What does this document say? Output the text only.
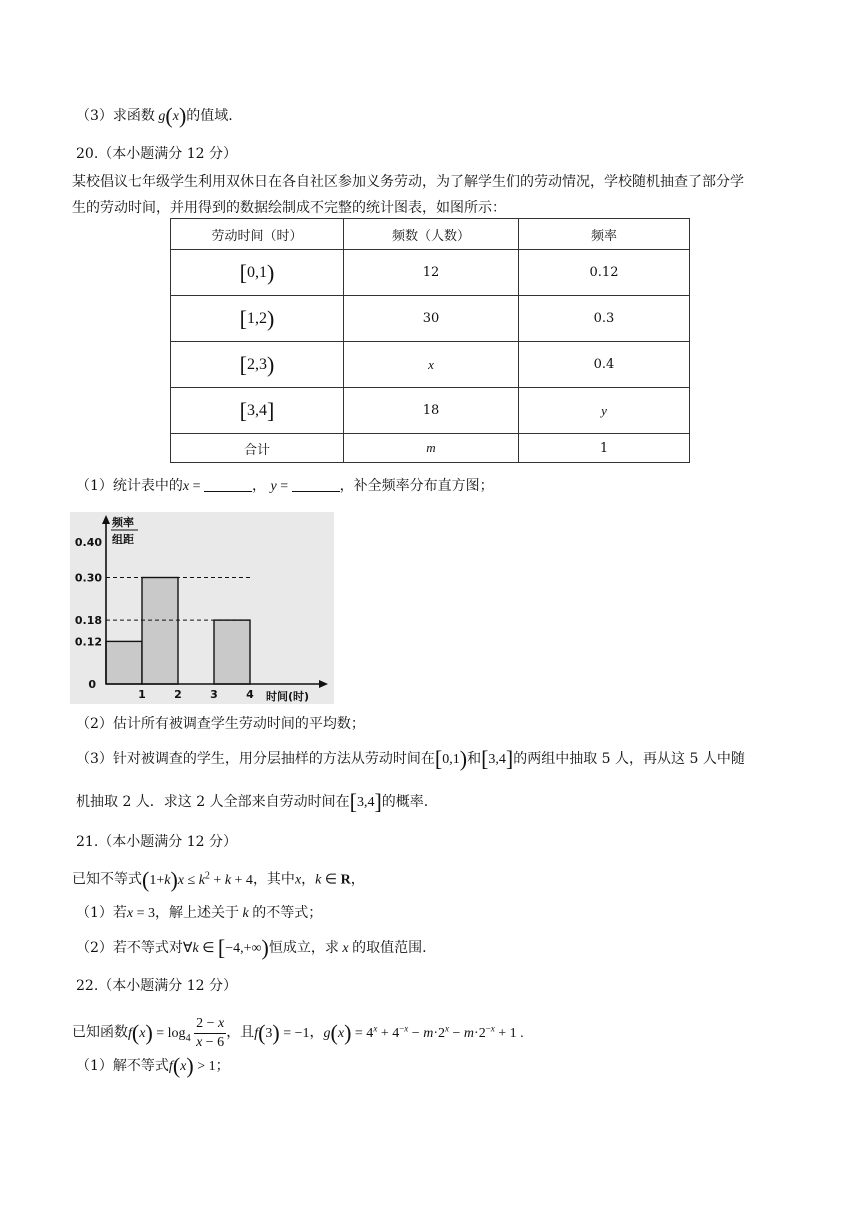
（3）求函数 g(x)的值域.
20.（本小题满分 12 分）
某校倡议七年级学生利用双休日在各自社区参加义务劳动，为了解学生们的劳动情况，学校随机抽查了部分学
生的劳动时间，并用得到的数据绘制成不完整的统计图表，如图所示：
劳动时间（时）	频数（人数）	频率
[0,1)	12	0.12
[1,2)	30	0.3
[2,3)	x	0.4
[3,4]	18	y
合计	m	1
（1）统计表中的x =	， y =	，补全频率分布直方图；
0.12
0.18
0.30
0.40
1	2	3	4
频率
组距
0
时间(时)
（2）估计所有被调查学生劳动时间的平均数；
（3）针对被调查的学生，用分层抽样的方法从劳动时间在[0,1)和[3,4]的两组中抽取 5 人，再从这 5 人中随
机抽取 2 人．求这 2 人全部来自劳动时间在[3,4]的概率.
21.（本小题满分 12 分）
已知不等式$(1+k)x \le k^2 + k + 4$，其中x，k ∈ R，
（1）若x = 3，解上述关于 k 的不等式；
（2）若不等式对∀k ∈ [−4,+∞)恒成立，求 x 的取值范围.
22.（本小题满分 12 分）
已知函数$f(x) = \log_4 \frac{2 - x}{x - 6}$ ，且f(3) = −1，$g(x) = 4^x + 4^{-x} - m\cdot 2^x - m\cdot 2^{-x} + 1$ .
（1）解不等式f(x) > 1；
